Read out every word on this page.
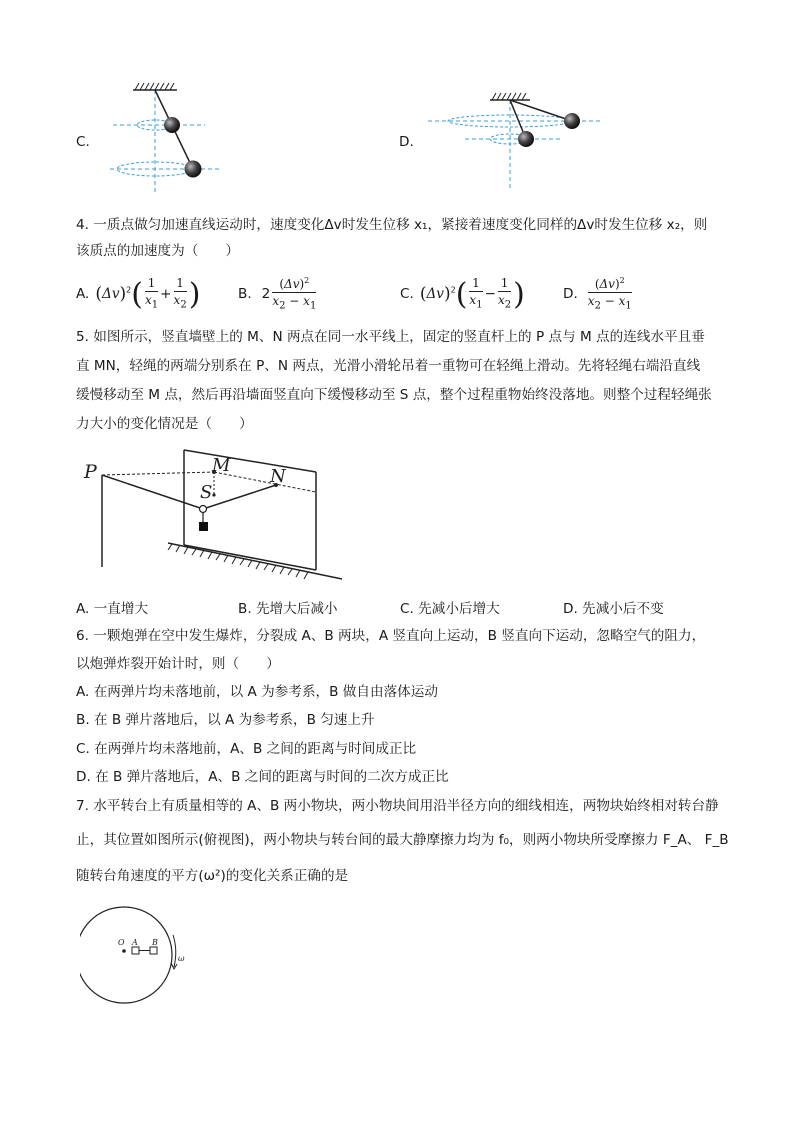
C.	D.
4. 一质点做匀加速直线运动时，速度变化Δv时发生位移 x₁，紧接着速度变化同样的Δv时发生位移 x₂，则
该质点的加速度为（　　）
A. $(\Delta v)^2$ ( $\frac{1}{x_1} + \frac{1}{x_2}$ )	B. $2 \frac{(\Delta v)^2}{x_2 - x_1}$	C. $(\Delta v)^2$ ( $\frac{1}{x_1} - \frac{1}{x_2}$ )	D. $\frac{(\Delta v)^2}{x_2 - x_1}$
5. 如图所示，竖直墙壁上的 M、N 两点在同一水平线上，固定的竖直杆上的 P 点与 M 点的连线水平且垂
直 MN，轻绳的两端分别系在 P、N 两点，光滑小滑轮吊着一重物可在轻绳上滑动。先将轻绳右端沿直线
缓慢移动至 M 点，然后再沿墙面竖直向下缓慢移动至 S 点，整个过程重物始终没落地。则整个过程轻绳张
力大小的变化情况是（　　）
P	M
N
S
A. 一直增大	B. 先增大后减小	C. 先减小后增大	D. 先减小后不变
6. 一颗炮弹在空中发生爆炸，分裂成 A、B 两块，A 竖直向上运动，B 竖直向下运动，忽略空气的阻力，
以炮弹炸裂开始计时，则（　　）
A. 在两弹片均未落地前，以 A 为参考系，B 做自由落体运动
B. 在 B 弹片落地后，以 A 为参考系，B 匀速上升
C. 在两弹片均未落地前，A、B 之间的距离与时间成正比
D. 在 B 弹片落地后，A、B 之间的距离与时间的二次方成正比
7. 水平转台上有质量相等的 A、B 两小物块，两小物块间用沿半径方向的细线相连，两物块始终相对转台静
止，其位置如图所示(俯视图)，两小物块与转台间的最大静摩擦力均为 f₀，则两小物块所受摩擦力 F_A、 F_B
随转台角速度的平方(ω²)的变化关系正确的是
O A B
ω
